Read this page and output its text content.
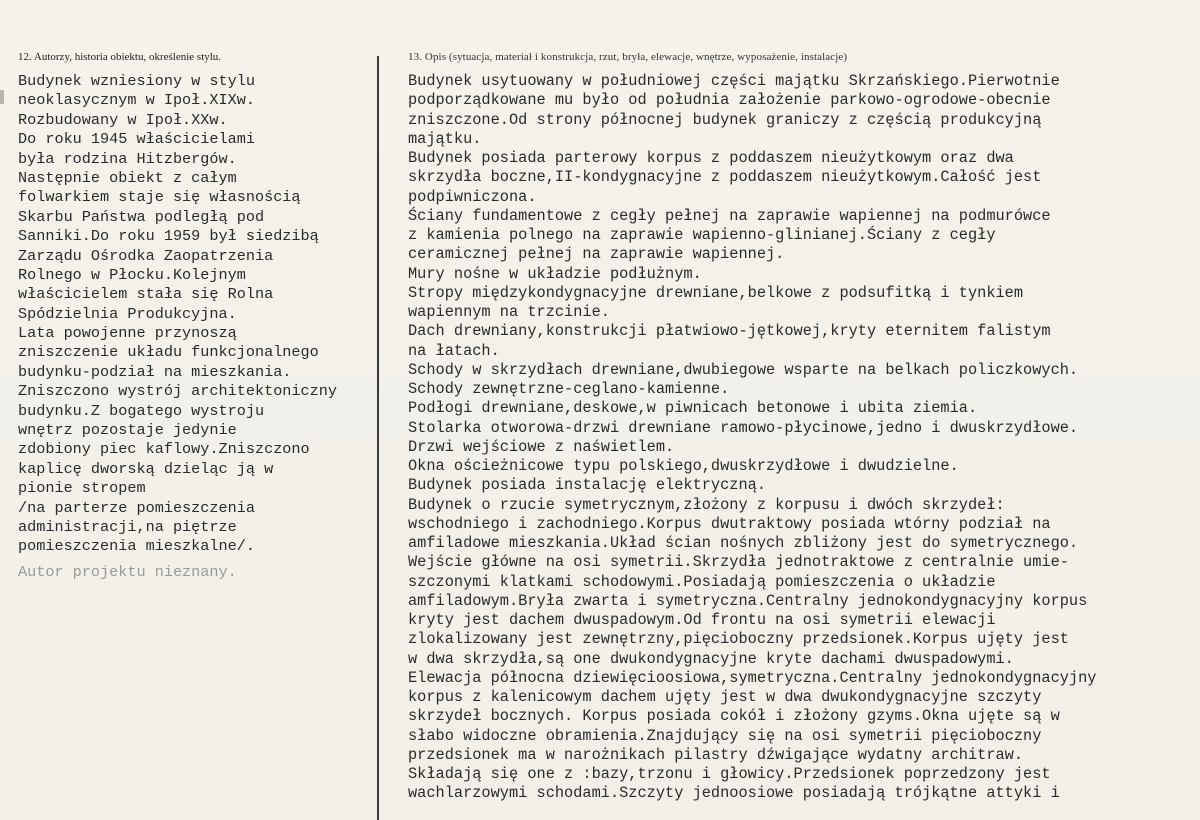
12. Autorzy, historia obiektu, określenie stylu.
Budynek wzniesiony w stylu
neoklasycznym w Ipoł.XIXw.
Rozbudowany w Ipoł.XXw.
Do roku 1945 właścicielami
była rodzina Hitzbergów.
Następnie obiekt z całym
folwarkiem staje się własnością
Skarbu Państwa podległą pod
Sanniki.Do roku 1959 był siedzibą
Zarządu Ośrodka Zaopatrzenia
Rolnego w Płocku.Kolejnym
właścicielem stała się Rolna
Spódzielnia Produkcyjna.
Lata powojenne przynoszą
zniszczenie układu funkcjonalnego
budynku-podział na mieszkania.
Zniszczono wystrój architektoniczny
budynku.Z bogatego wystroju
wnętrz pozostaje jedynie
zdobiony piec kaflowy.Zniszczono
kaplicę dworską dzieląc ją w
pionie stropem
/na parterze pomieszczenia
administracji,na piętrze
pomieszczenia mieszkalne/.
Autor projektu nieznany.
13. Opis (sytuacja, materiał i konstrukcja, rzut, bryła, elewacje, wnętrze, wyposażenie, instalacje)
Budynek usytuowany w południowej części majątku Skrzańskiego.Pierwotnie
podporządkowane mu było od południa założenie parkowo-ogrodowe-obecnie
zniszczone.Od strony północnej budynek graniczy z częścią produkcyjną
majątku.
Budynek posiada parterowy korpus z poddaszem nieużytkowym oraz dwa
skrzydła boczne,II-kondygnacyjne z poddaszem nieużytkowym.Całość jest
podpiwniczona.
Ściany fundamentowe z cegły pełnej na zaprawie wapiennej na podmurówce
z kamienia polnego na zaprawie wapienno-glinianej.Ściany z cegły
ceramicznej pełnej na zaprawie wapiennej.
Mury nośne w układzie podłużnym.
Stropy międzykondygnacyjne drewniane,belkowe z podsufitką i tynkiem
wapiennym na trzcinie.
Dach drewniany,konstrukcji płatwiowo-jętkowej,kryty eternitem falistym
na łatach.
Schody w skrzydłach drewniane,dwubiegowe wsparte na belkach policzkowych.
Schody zewnętrzne-ceglano-kamienne.
Podłogi drewniane,deskowe,w piwnicach betonowe i ubita ziemia.
Stolarka otworowa-drzwi drewniane ramowo-płycinowe,jedno i dwuskrzydłowe.
Drzwi wejściowe z naświetlem.
Okna ościeżnicowe typu polskiego,dwuskrzydłowe i dwudzielne.
Budynek posiada instalację elektryczną.
Budynek o rzucie symetrycznym,złożony z korpusu i dwóch skrzydeł:
wschodniego i zachodniego.Korpus dwutraktowy posiada wtórny podział na
amfiladowe mieszkania.Układ ścian nośnych zbliżony jest do symetrycznego.
Wejście główne na osi symetrii.Skrzydła jednotraktowe z centralnie umie-
szczonymi klatkami schodowymi.Posiadają pomieszczenia o układzie
amfiladowym.Bryła zwarta i symetryczna.Centralny jednokondygnacyjny korpus
kryty jest dachem dwuspadowym.Od frontu na osi symetrii elewacji
zlokalizowany jest zewnętrzny,pięcioboczny przedsionek.Korpus ujęty jest
w dwa skrzydła,są one dwukondygnacyjne kryte dachami dwuspadowymi.
Elewacja północna dziewięcioosiowa,symetryczna.Centralny jednokondygnacyjny
korpus z kalenicowym dachem ujęty jest w dwa dwukondygnacyjne szczyty
skrzydeł bocznych. Korpus posiada cokół i złożony gzyms.Okna ujęte są w
słabo widoczne obramienia.Znajdujący się na osi symetrii pięcioboczny
przedsionek ma w narożnikach pilastry dźwigające wydatny architraw.
Składają się one z :bazy,trzonu i głowicy.Przedsionek poprzedzony jest
wachlarzowymi schodami.Szczyty jednoosiowe posiadają trójkątne attyki i
